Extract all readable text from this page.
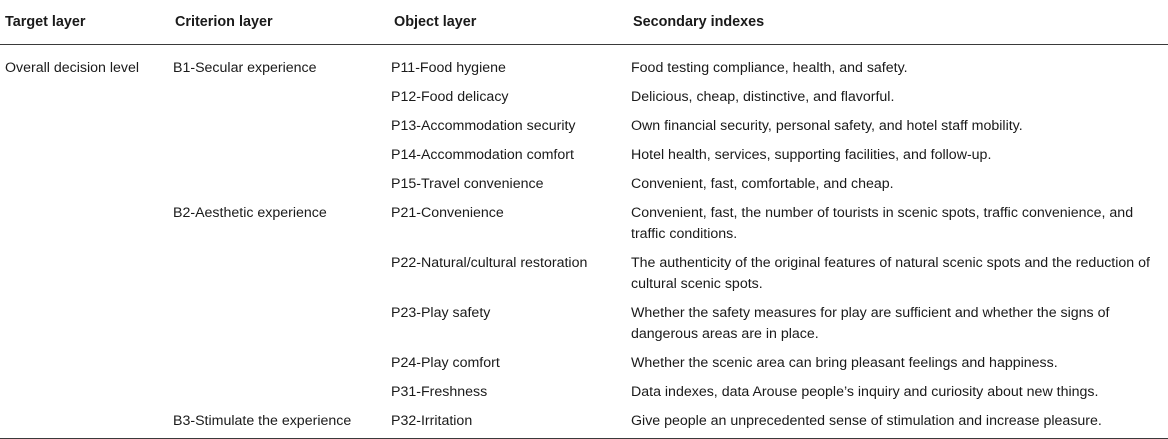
Target layer	Criterion layer	Object layer	Secondary indexes
Overall decision level	B1-Secular experience	P11-Food hygiene	Food testing compliance, health, and safety.
		P12-Food delicacy	Delicious, cheap, distinctive, and flavorful.
		P13-Accommodation security	Own financial security, personal safety, and hotel staff mobility.
		P14-Accommodation comfort	Hotel health, services, supporting facilities, and follow-up.
		P15-Travel convenience	Convenient, fast, comfortable, and cheap.
	B2-Aesthetic experience	P21-Convenience	Convenient, fast, the number of tourists in scenic spots, traffic convenience, and traffic conditions.
		P22-Natural/cultural restoration	The authenticity of the original features of natural scenic spots and the reduction of cultural scenic spots.
		P23-Play safety	Whether the safety measures for play are sufficient and whether the signs of dangerous areas are in place.
		P24-Play comfort	Whether the scenic area can bring pleasant feelings and happiness.
		P31-Freshness	Data indexes, data Arouse people’s inquiry and curiosity about new things.
	B3-Stimulate the experience	P32-Irritation	Give people an unprecedented sense of stimulation and increase pleasure.
